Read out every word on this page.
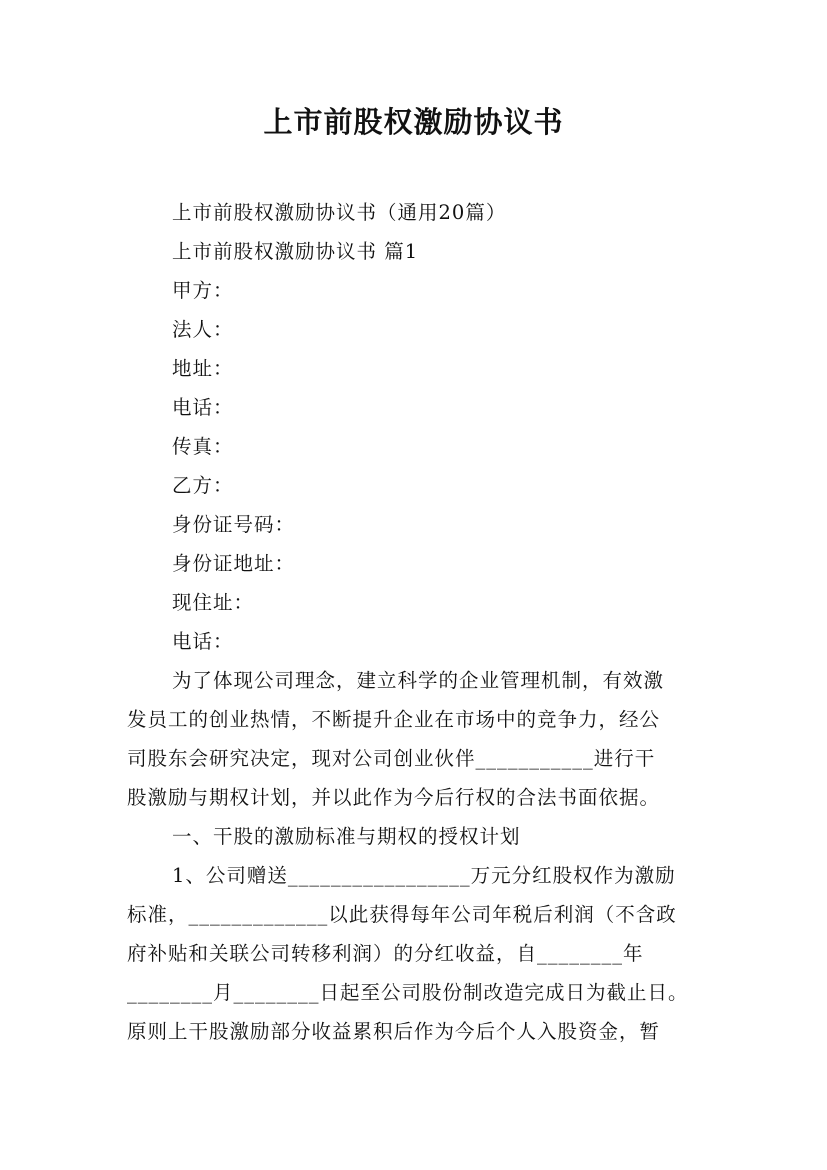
上市前股权激励协议书
上市前股权激励协议书（通用20篇）
上市前股权激励协议书 篇1
甲方：
法人：
地址：
电话：
传真：
乙方：
身份证号码：
身份证地址：
现住址：
电话：
为了体现公司理念，建立科学的企业管理机制，有效激
发员工的创业热情，不断提升企业在市场中的竞争力，经公
司股东会研究决定，现对公司创业伙伴___________进行干
股激励与期权计划，并以此作为今后行权的合法书面依据。
一、干股的激励标准与期权的授权计划
1、公司赠送_________________万元分红股权作为激励
标准，_____________以此获得每年公司年税后利润（不含政
府补贴和关联公司转移利润）的分红收益，自________年
________月________日起至公司股份制改造完成日为截止日。
原则上干股激励部分收益累积后作为今后个人入股资金，暂
